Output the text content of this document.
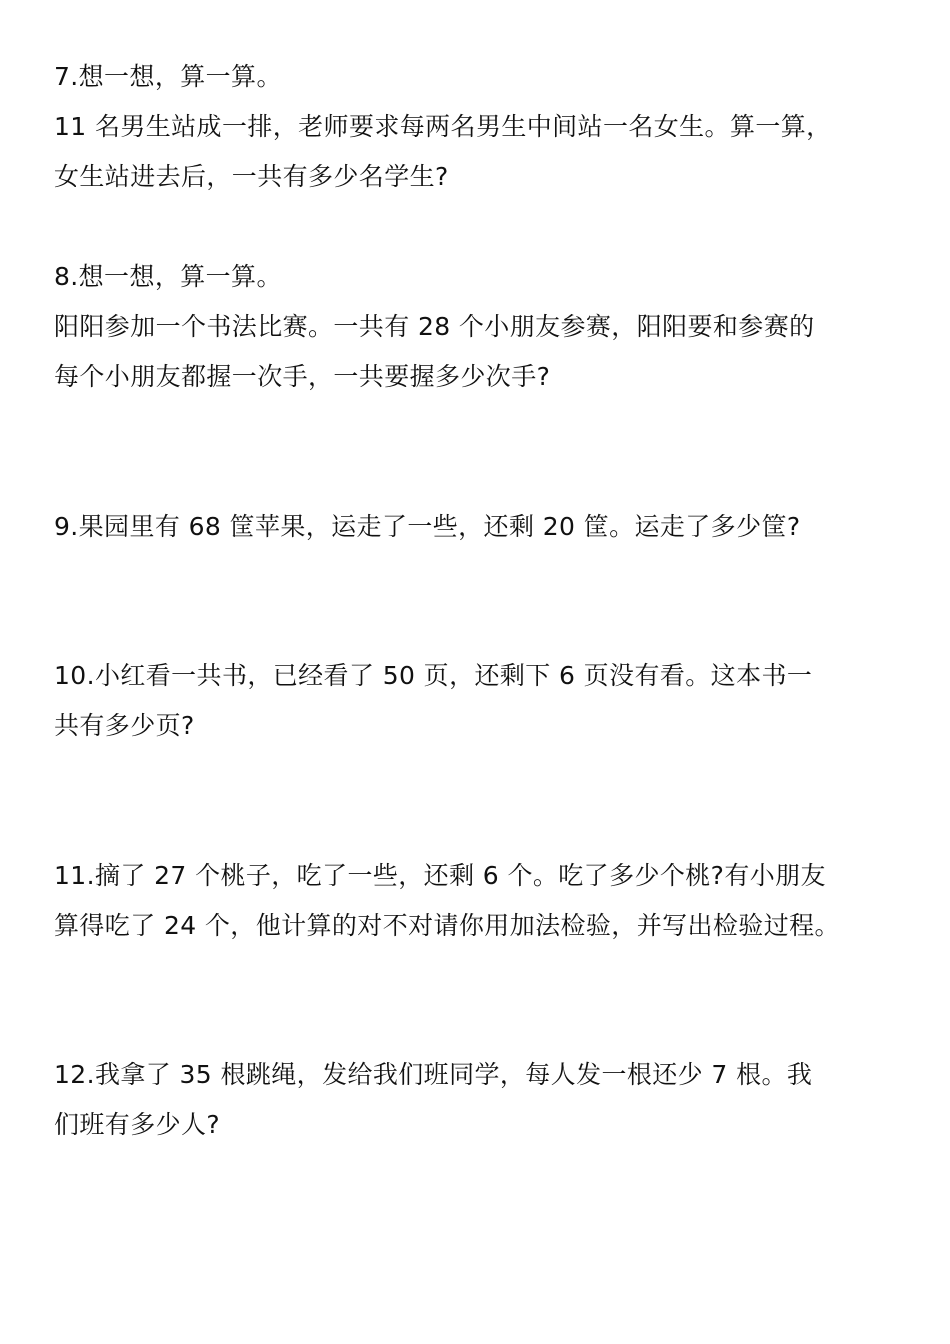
7.想一想，算一算。
11 名男生站成一排，老师要求每两名男生中间站一名女生。算一算，
女生站进去后，一共有多少名学生?
8.想一想，算一算。
阳阳参加一个书法比赛。一共有 28 个小朋友参赛，阳阳要和参赛的
每个小朋友都握一次手，一共要握多少次手?
9.果园里有 68 筐苹果，运走了一些，还剩 20 筐。运走了多少筐?
10.小红看一共书，已经看了 50 页，还剩下 6 页没有看。这本书一
共有多少页?
11.摘了 27 个桃子，吃了一些，还剩 6 个。吃了多少个桃?有小朋友
算得吃了 24 个，他计算的对不对请你用加法检验，并写出检验过程。
12.我拿了 35 根跳绳，发给我们班同学，每人发一根还少 7 根。我
们班有多少人?
